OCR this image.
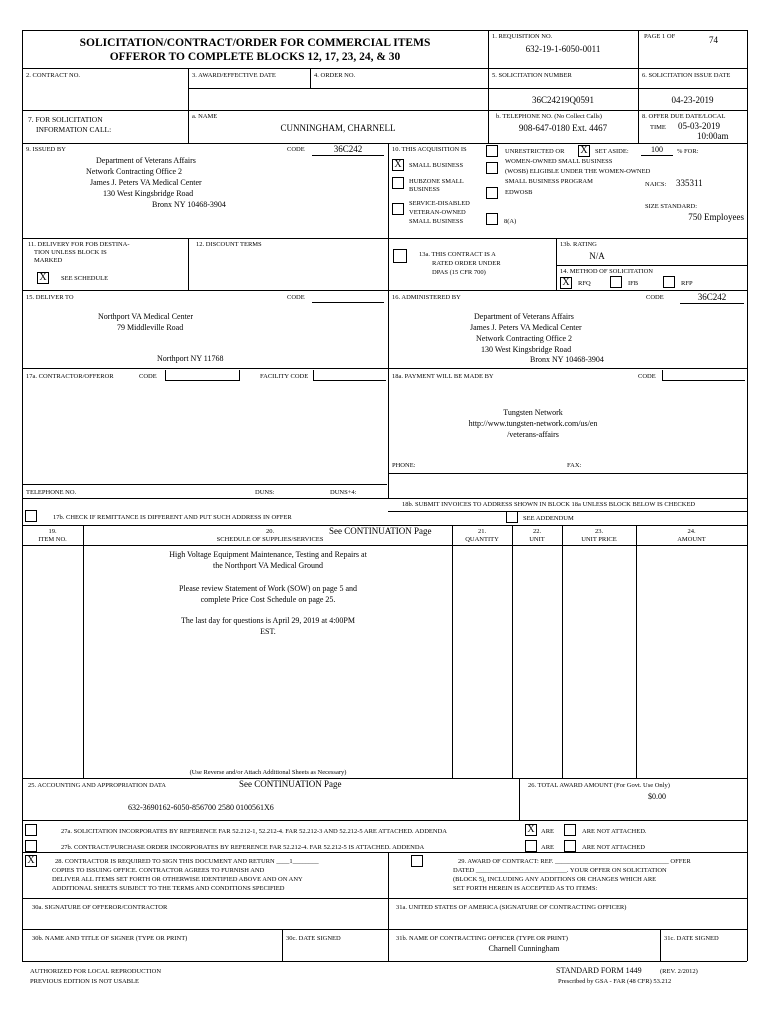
SOLICITATION/CONTRACT/ORDER FOR COMMERCIAL ITEMS
OFFEROR TO COMPLETE BLOCKS 12, 17, 23, 24, & 30
1. REQUISITION NO.
632-19-1-6050-0011
PAGE 1 OF	74
2. CONTRACT NO.	3. AWARD/EFFECTIVE DATE	4. ORDER NO.	5. SOLICITATION NUMBER
36C24219Q0591
6. SOLICITATION ISSUE DATE
04-23-2019
7. FOR SOLICITATION
INFORMATION CALL:
a. NAME
CUNNINGHAM, CHARNELL
b. TELEPHONE NO. (No Collect Calls)
908-647-0180 Ext. 4467
8. OFFER DUE DATE/LOCAL
TIME 05-03-2019
10:00am
9. ISSUED BY	CODE	36C242
Department of Veterans Affairs
Network Contracting Office 2
James J. Peters VA Medical Center
130 West Kingsbridge Road
Bronx NY 10468-3904
10. THIS ACQUISITION IS	UNRESTRICTED OR X	SET ASIDE:	100	% FOR:
X	SMALL BUSINESS
HUBZONE SMALL
BUSINESS
SERVICE-DISABLED
VETERAN-OWNED
SMALL BUSINESS
WOMEN-OWNED SMALL BUSINESS
(WOSB) ELIGIBLE UNDER THE WOMEN-OWNED
SMALL BUSINESS PROGRAM
EDWOSB
8(A)
NAICS: 335311
SIZE STANDARD:
750 Employees
11. DELIVERY FOR FOB DESTINA-
TION UNLESS BLOCK IS
MARKED
X	SEE SCHEDULE
12. DISCOUNT TERMS
13a. THIS CONTRACT IS A
RATED ORDER UNDER
DPAS (15 CFR 700)
13b. RATING
N/A
14. METHOD OF SOLICITATION
X	RFQ	IFB	RFP
15. DELIVER TO	CODE
Northport VA Medical Center
79 Middleville Road
Northport NY 11768
16. ADMINISTERED BY	CODE	36C242
Department of Veterans Affairs
James J. Peters VA Medical Center
Network Contracting Office 2
130 West Kingsbridge Road
Bronx NY 10468-3904
17a. CONTRACTOR/OFFEROR	CODE	FACILITY CODE
TELEPHONE NO.	DUNS:	DUNS+4:
17b. CHECK IF REMITTANCE IS DIFFERENT AND PUT SUCH ADDRESS IN OFFER
18a. PAYMENT WILL BE MADE BY	CODE
Tungsten Network
http://www.tungsten-network.com/us/en
/veterans-affairs
PHONE:	FAX:
18b. SUBMIT INVOICES TO ADDRESS SHOWN IN BLOCK 18a UNLESS BLOCK BELOW IS CHECKED
SEE ADDENDUM
19.
ITEM NO.
20.
SCHEDULE OF SUPPLIES/SERVICES
See CONTINUATION Page	21.
QUANTITY
22.
UNIT
23.
UNIT PRICE
24.
AMOUNT
High Voltage Equipment Maintenance, Testing and Repairs at
the Northport VA Medical Ground
Please review Statement of Work (SOW) on page 5 and
complete Price Cost Schedule on page 25.
The last day for questions is April 29, 2019 at 4:00PM
EST.
(Use Reverse and/or Attach Additional Sheets as Necessary)
25. ACCOUNTING AND APPROPRIATION DATA	See CONTINUATION Page
632-3690162-6050-856700 2580 0100561X6
26. TOTAL AWARD AMOUNT (For Govt. Use Only)
$0.00
27a. SOLICITATION INCORPORATES BY REFERENCE FAR 52.212-1, 52.212-4. FAR 52.212-3 AND 52.212-5 ARE ATTACHED. ADDENDA	X ARE	ARE NOT ATTACHED.
27b. CONTRACT/PURCHASE ORDER INCORPORATES BY REFERENCE FAR 52.212-4. FAR 52.212-5 IS ATTACHED. ADDENDA	ARE	ARE NOT ATTACHED
X	28. CONTRACTOR IS REQUIRED TO SIGN THIS DOCUMENT AND RETURN ____1________
COPIES TO ISSUING OFFICE. CONTRACTOR AGREES TO FURNISH AND
DELIVER ALL ITEMS SET FORTH OR OTHERWISE IDENTIFIED ABOVE AND ON ANY
ADDITIONAL SHEETS SUBJECT TO THE TERMS AND CONDITIONS SPECIFIED
29. AWARD OF CONTRACT: REF. ___________________________________ OFFER
DATED ____________________________. YOUR OFFER ON SOLICITATION
(BLOCK 5), INCLUDING ANY ADDITIONS OR CHANGES WHICH ARE
SET FORTH HEREIN IS ACCEPTED AS TO ITEMS:
30a. SIGNATURE OF OFFEROR/CONTRACTOR	31a. UNITED STATES OF AMERICA (SIGNATURE OF CONTRACTING OFFICER)
30b. NAME AND TITLE OF SIGNER (TYPE OR PRINT)	30c. DATE SIGNED	31b. NAME OF CONTRACTING OFFICER (TYPE OR PRINT)
Charnell Cunningham
31c. DATE SIGNED
AUTHORIZED FOR LOCAL REPRODUCTION
PREVIOUS EDITION IS NOT USABLE
STANDARD FORM 1449	(REV. 2/2012)
Prescribed by GSA - FAR (48 CFR) 53.212
